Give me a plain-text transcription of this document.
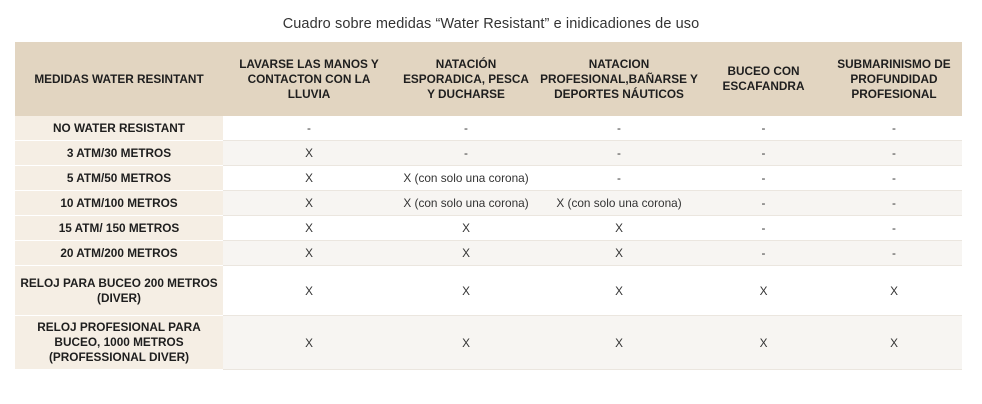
Cuadro sobre medidas “Water Resistant” e inidicadiones de uso
MEDIDAS WATER RESINTANT	LAVARSE LAS MANOS Y CONTACTON CON LA LLUVIA	NATACIÓN ESPORADICA, PESCA Y DUCHARSE	NATACION PROFESIONAL,BAÑARSE Y DEPORTES NÁUTICOS	BUCEO CON ESCAFANDRA	SUBMARINISMO DE PROFUNDIDAD PROFESIONAL
NO WATER RESISTANT	-	-	-	-	-
3 ATM/30 METROS	X	-	-	-	-
5 ATM/50 METROS	X	X (con solo una corona)	-	-	-
10 ATM/100 METROS	X	X (con solo una corona)	X (con solo una corona)	-	-
15 ATM/ 150 METROS	X	X	X	-	-
20 ATM/200 METROS	X	X	X	-	-
RELOJ PARA BUCEO 200 METROS (DIVER)	X	X	X	X	X
RELOJ PROFESIONAL PARA BUCEO, 1000 METROS (PROFESSIONAL DIVER)	X	X	X	X	X
